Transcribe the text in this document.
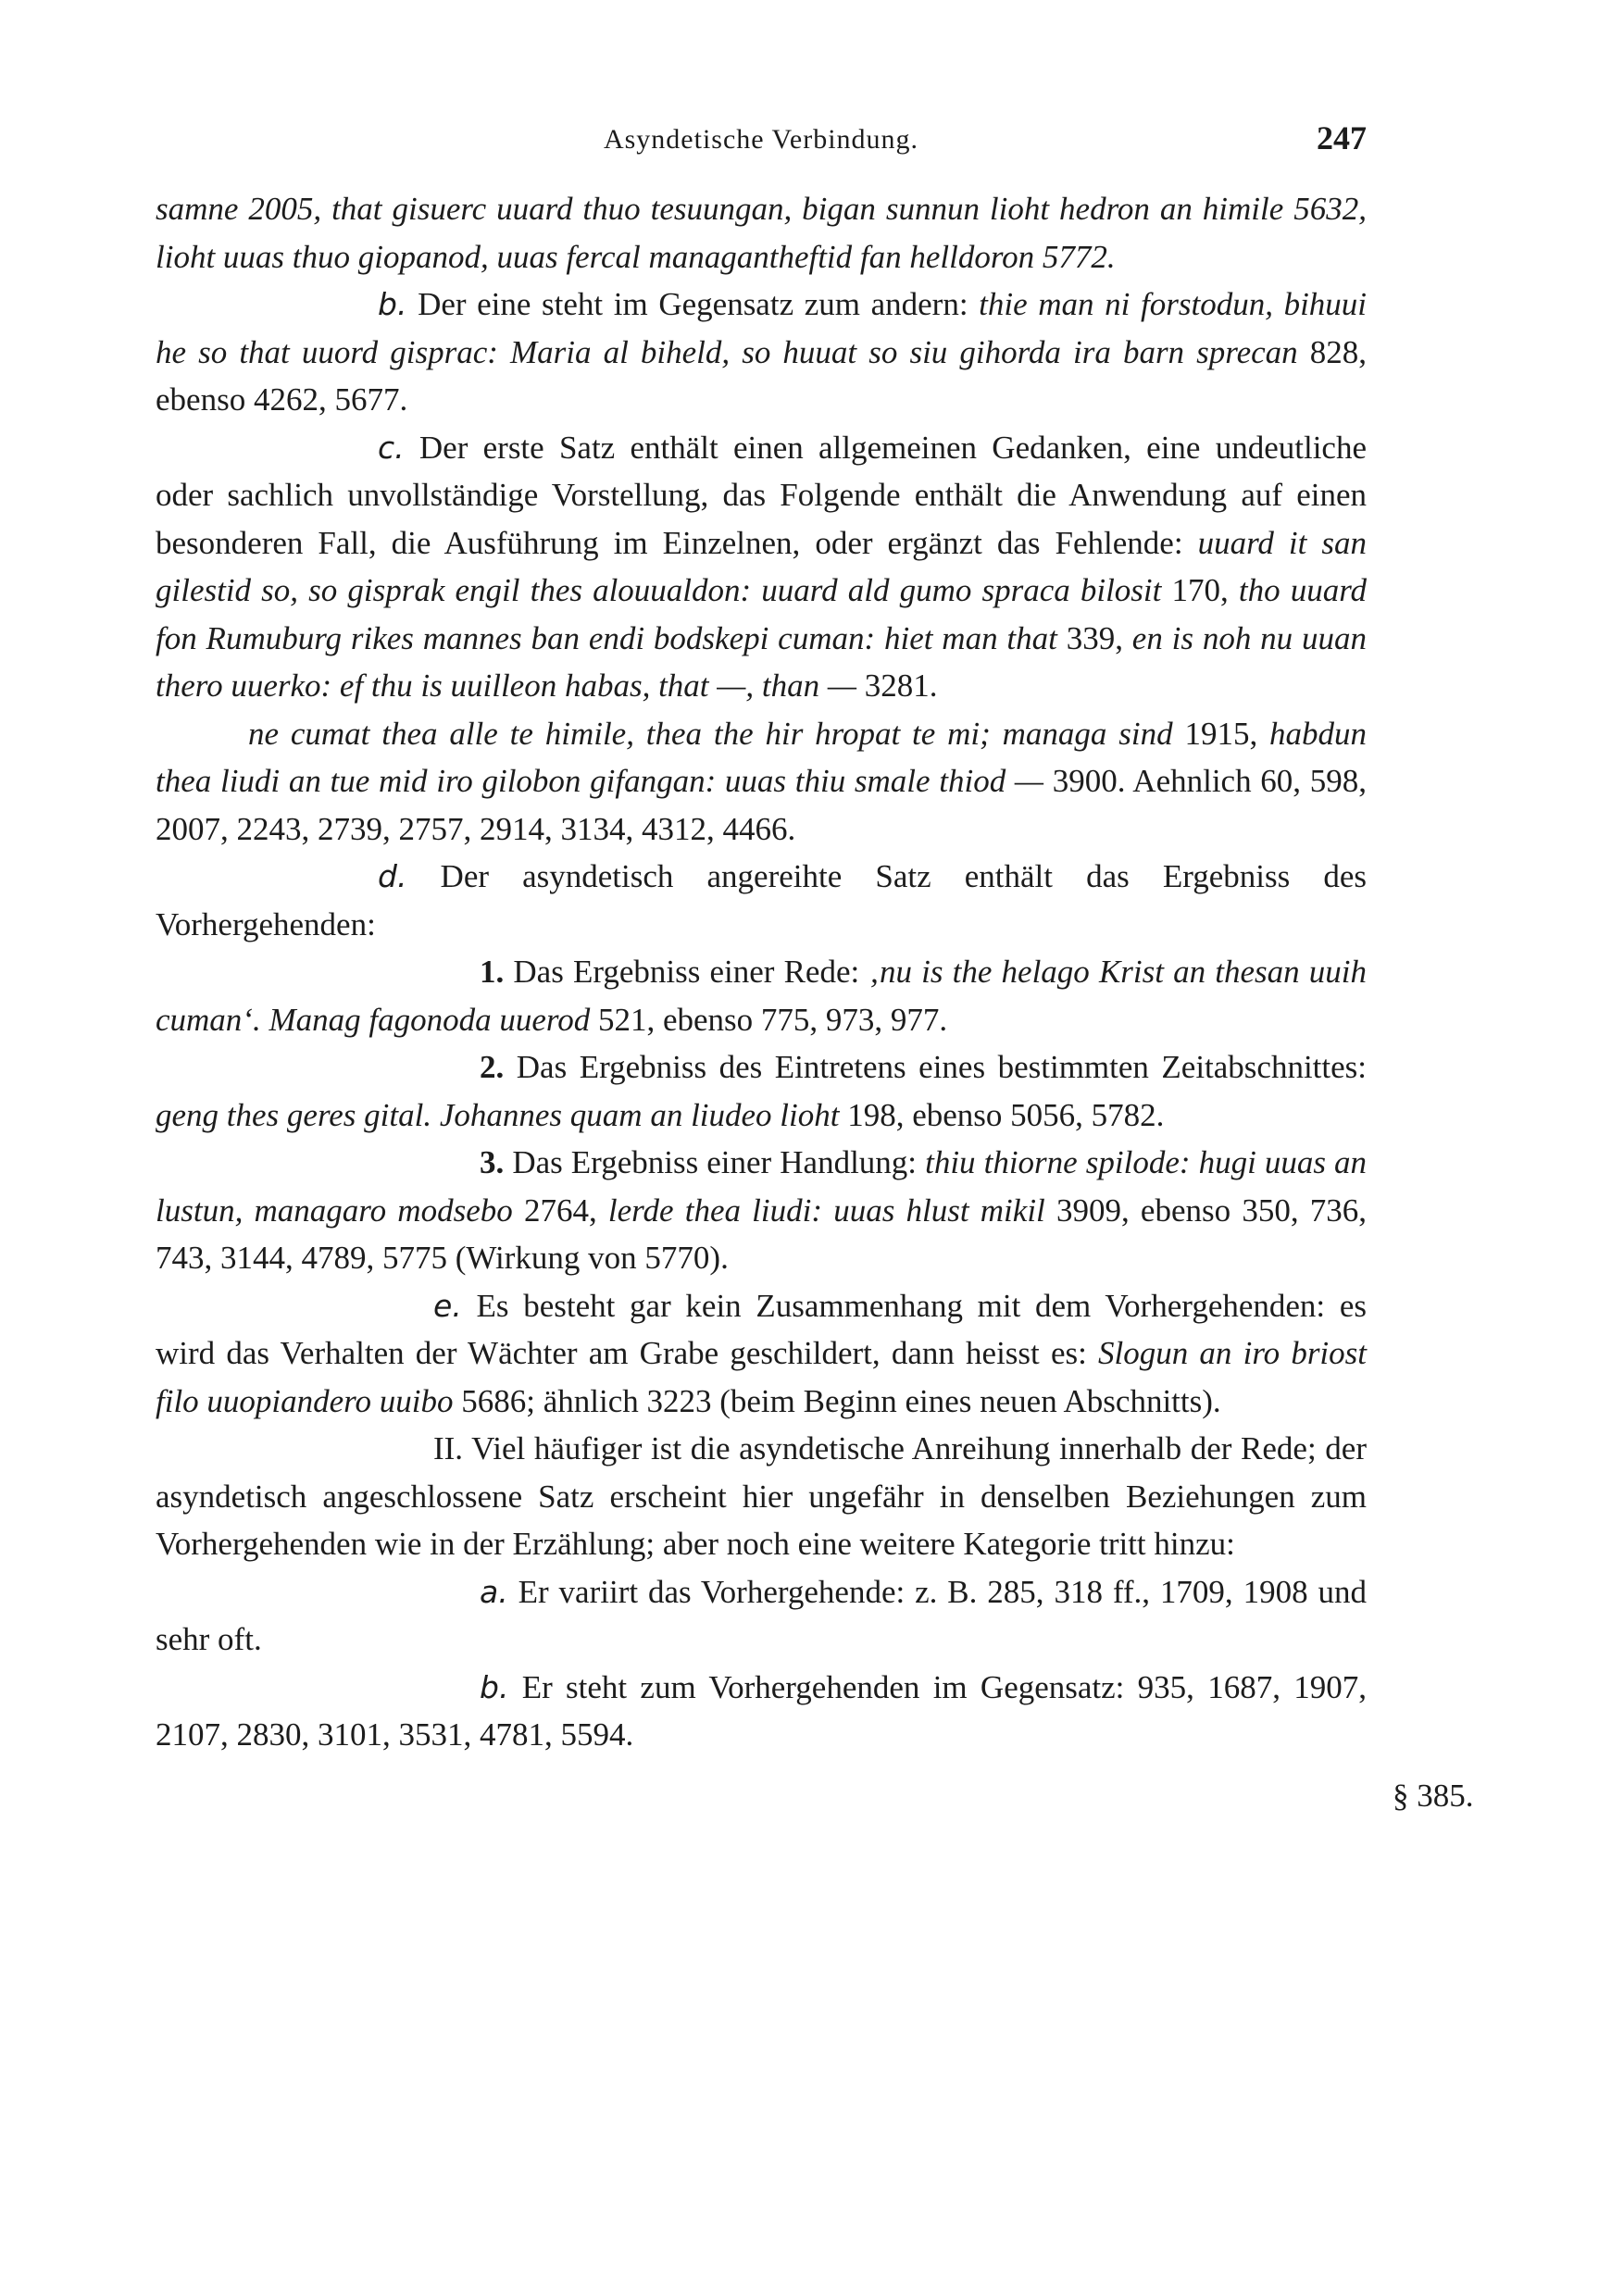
Asyndetische Verbindung.	247

samne 2005, that gisuerc uuard thuo tesuungan, bigan sunnun lioht hedron an himile 5632, lioht uuas thuo giopanod, uuas fercal managantheftid fan helldoron 5772.

b. Der eine steht im Gegensatz zum andern: thie man ni forstodun, bihuui he so that uuord gisprac: Maria al biheld, so huuat so siu gihorda ira barn sprecan 828, ebenso 4262, 5677.

c. Der erste Satz enthält einen allgemeinen Gedanken, eine undeutliche oder sachlich unvollständige Vorstellung, das Folgende enthält die Anwendung auf einen besonderen Fall, die Ausführung im Einzelnen, oder ergänzt das Fehlende: uuard it san gilestid so, so gisprak engil thes alouualdon: uuard ald gumo spraca bilosit 170, tho uuard fon Rumuburg rikes mannes ban endi bodskepi cuman: hiet man that 339, en is noh nu uuan thero uuerko: ef thu is uuilleon habas, that —, than — 3281.

ne cumat thea alle te himile, thea the hir hropat te mi; managa sind 1915, habdun thea liudi an tue mid iro gilobon gifangan: uuas thiu smale thiod — 3900. Aehnlich 60, 598, 2007, 2243, 2739, 2757, 2914, 3134, 4312, 4466.

d. Der asyndetisch angereihte Satz enthält das Ergebniss des Vorhergehenden:

1. Das Ergebniss einer Rede: ‚nu is the helago Krist an thesan uuih cuman‘. Manag fagonoda uuerod 521, ebenso 775, 973, 977.

2. Das Ergebniss des Eintretens eines bestimmten Zeitabschnittes: geng thes geres gital. Johannes quam an liudeo lioht 198, ebenso 5056, 5782.

3. Das Ergebniss einer Handlung: thiu thiorne spilode: hugi uuas an lustun, managaro modsebo 2764, lerde thea liudi: uuas hlust mikil 3909, ebenso 350, 736, 743, 3144, 4789, 5775 (Wirkung von 5770).

e. Es besteht gar kein Zusammenhang mit dem Vorhergehenden: es wird das Verhalten der Wächter am Grabe geschildert, dann heisst es: Slogun an iro briost filo uuopiandero uuibo 5686; ähnlich 3223 (beim Beginn eines neuen Abschnitts).

II. Viel häufiger ist die asyndetische Anreihung innerhalb der Rede; der asyndetisch angeschlossene Satz erscheint hier ungefähr in denselben Beziehungen zum Vorhergehenden wie in der Erzählung; aber noch eine weitere Kategorie tritt hinzu:

a. Er variirt das Vorhergehende: z. B. 285, 318 ff., 1709, 1908 und sehr oft.

b. Er steht zum Vorhergehenden im Gegensatz: 935, 1687, 1907, 2107, 2830, 3101, 3531, 4781, 5594.

§ 385.
